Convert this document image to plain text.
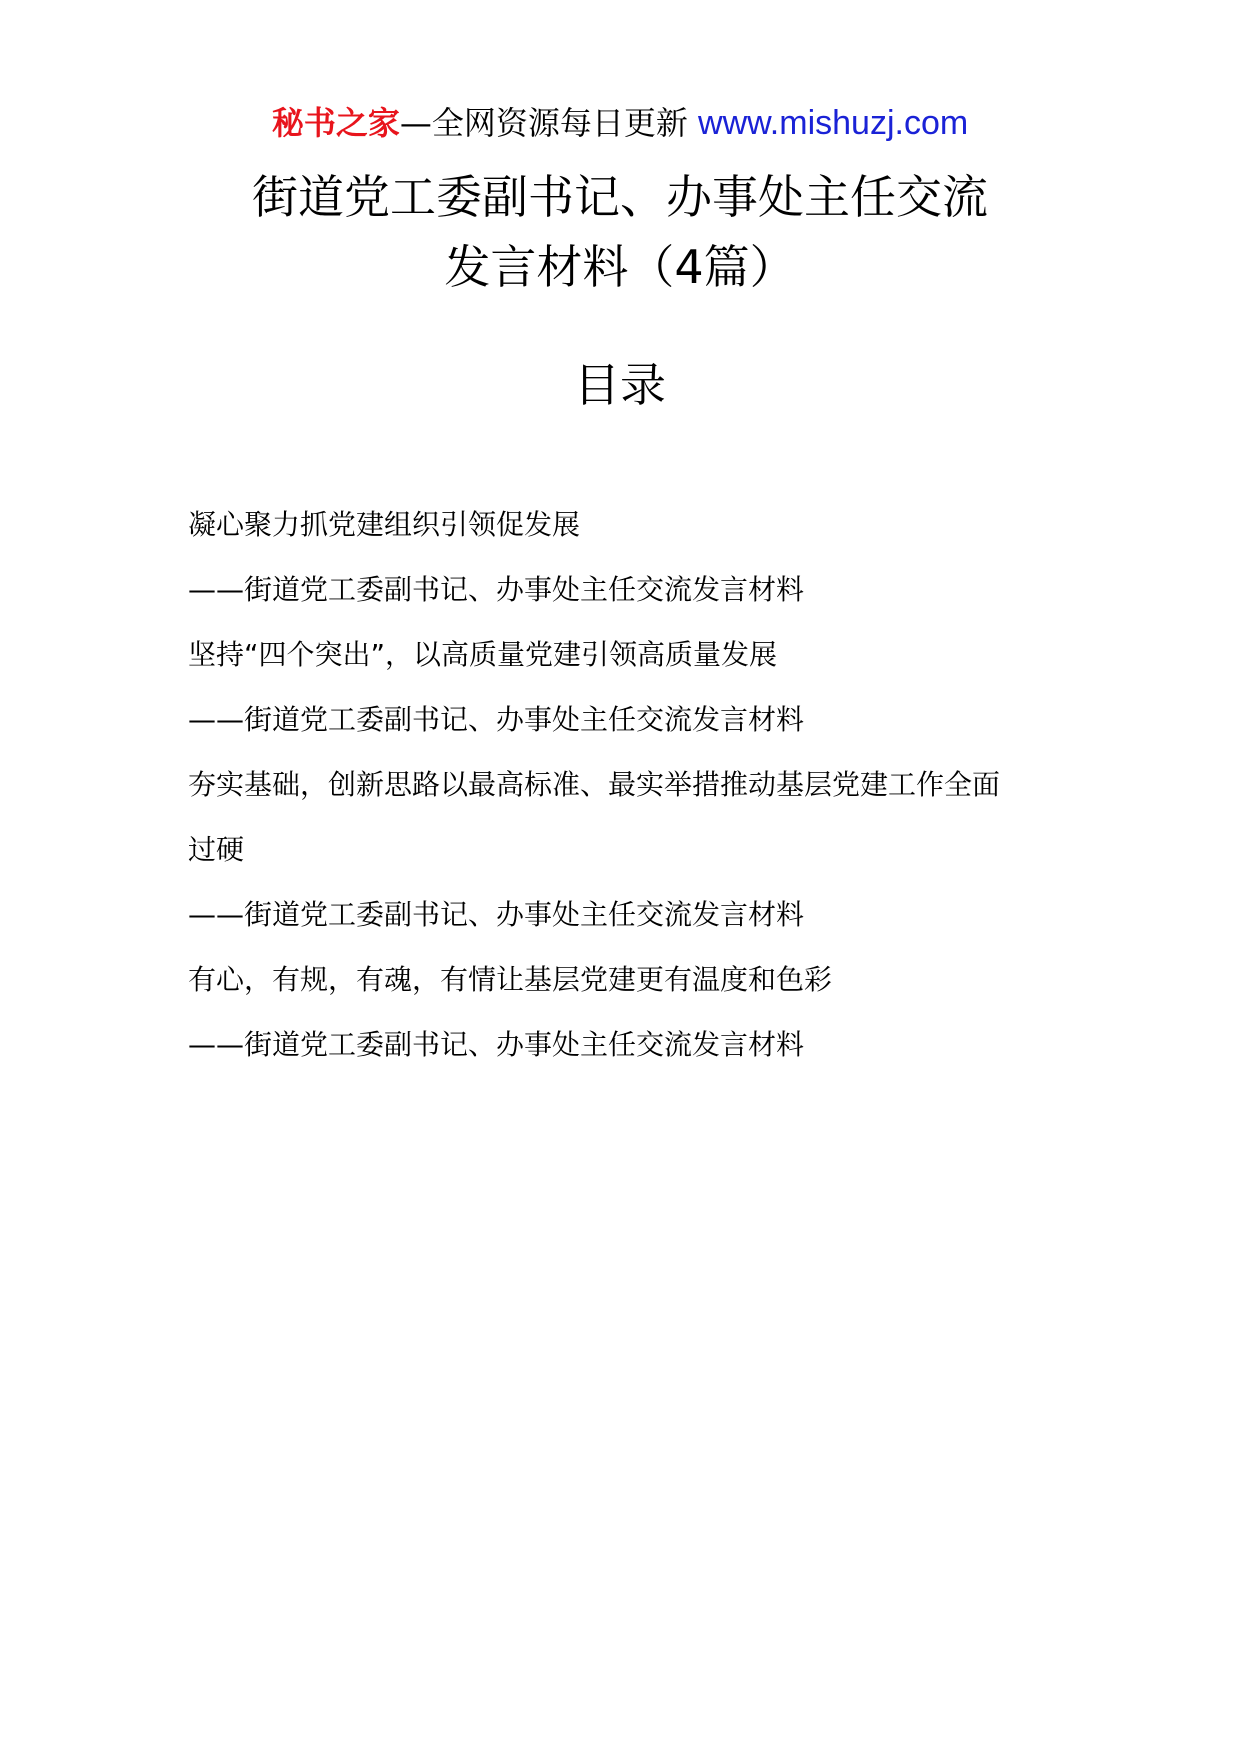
秘书之家—全网资源每日更新 www.mishuzj.com
街道党工委副书记、办事处主任交流
发言材料（4篇）
目录
凝心聚力抓党建组织引领促发展
——街道党工委副书记、办事处主任交流发言材料
坚持“四个突出”，以高质量党建引领高质量发展
——街道党工委副书记、办事处主任交流发言材料
夯实基础，创新思路以最高标准、最实举措推动基层党建工作全面
过硬
——街道党工委副书记、办事处主任交流发言材料
有心，有规，有魂，有情让基层党建更有温度和色彩
——街道党工委副书记、办事处主任交流发言材料
